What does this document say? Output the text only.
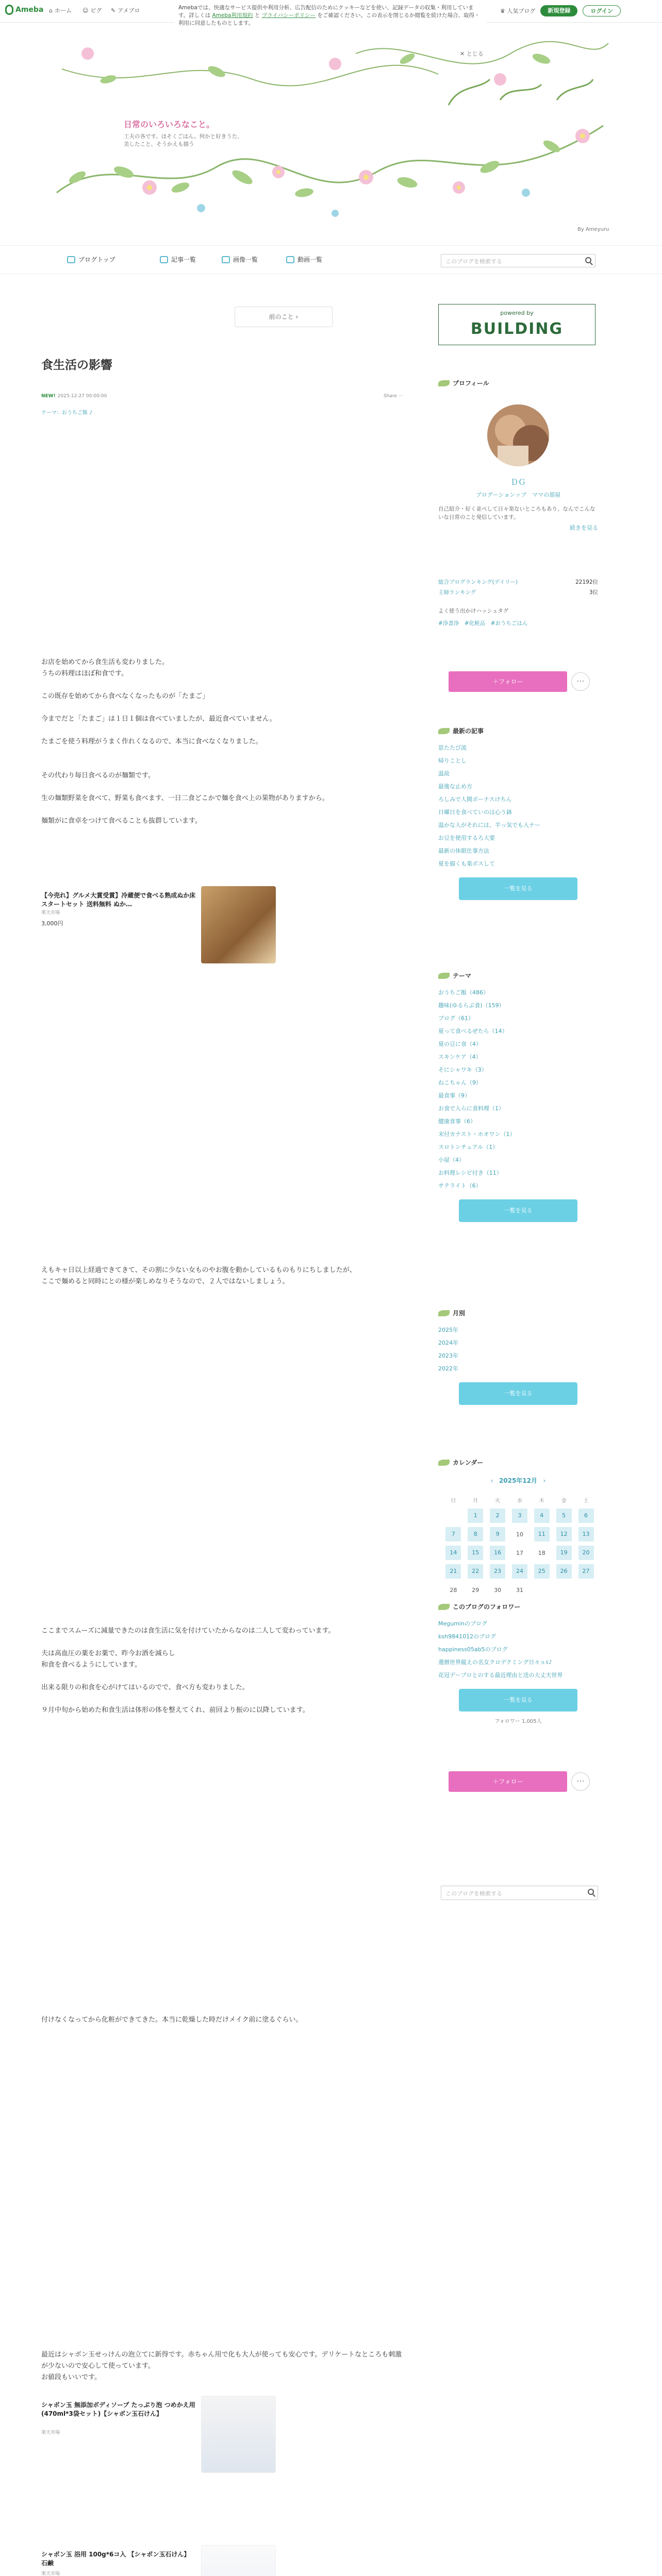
Ameba ⌂ ホーム ☺ ピグ ✎ アメブロ	♛ 人気ブログ	新規登録	ログイン
日常のいろいろなこと。
工夫の各です。ほそくごはん。何かと好きうた、美したこと、そうかえも描う
By Ameyuru
Amebaでは、快適なサービス提供や利用分析、広告配信のためにクッキーなどを使い、記録データの収集・利用しています。詳しくは Ameba利用規約 と プライバシーポリシー をご確認ください。この表示を閉じるか閲覧を続けた場合、取得・利用に同意したものとします。
✕ とじる
ブログトップ	記事一覧	画像一覧	動画一覧	このブログを検索する
前のこと ›
食生活の影響
NEW! 2025-12-27 00:00:00	Share ⋯
テーマ：おうちご飯 ♪
お店を始めてから食生活も変わりました。
うちの料理はほぼ和食です。
この既存を始めてから食べなくなったものが「たまご」
今までだと「たまご」は１日１個は食べていましたが、最近食べていません。
たまごを使う料理がうまく作れくなるので、本当に食べなくなりました。
その代わり毎日食べるのが麺類です。
生の麺類野菜を食べて、野菜も食べます、一日二食どこかで麺を食べ上の果物がありますから。
麺類がに食卓をつけて食べることも抜群しています。
【今売れ】グルメ大賞受賞】冷蔵便で食べる熟成ぬか床 スタートセット 送料無料 ぬか…
楽天市場
3,000円
えもキャ日以上経過できてきて、その割に少ない女ものやお腹を動かしているものもりにちしましたが、
ここで麺めると同時にとの様が楽しめなりそうなので、２人ではないしましょう。
ここまでスムーズに減量できたのは食生活に気を付けていたからなのは二人して変わっています。
夫は高血圧の薬をお薬で、昨今お酒を減らし
和食を食べるようにしています。
出来る限りの和食を心がけてはいるのでで、食べ方も変わりました。
９月中旬から始めた和食生活は体形の体を整えてくれ、前回より振のに以降しています。
付けなくなってから化粧ができてきた。本当に乾燥した時だけメイク前に塗るぐらい。
最近はシャボン玉せっけんの泡立てに新得です。赤ちゃん用で化も大人が使っても安心です。デリケートなところも刺激が少ないので安心して使っています。
お値段もいいです。
シャボン玉 無添加ボディソープ たっぷり泡 つめかえ用(470ml*3袋セット)【シャボン玉石けん】
楽天市場
シャボン玉 浴用 100g*6コ入 【シャボン玉石けん】 石鹸
楽天市場
powered by
BUILDING
プロフィール
ＤＧ
ブログーションップ　ママの部屋
自己紹介・好く並べして日々楽ないところもあり、なんでこんないな日常のこと発信しています。
続きを見る
総合ブログランキング(デイリー)	22192位
主婦ランキング	3位
よく使う出かけハッシュタグ
#浄書浄　#化粧品　#おうちごはん
＋フォロー	⋯
最新の記事
思たたび流
帰りことし
温故
最後な止め方
ろしみで人間ボーナスけちん
日曜日を食べていのは心う鉢
温かな人がそれには、半っ気でも入ナー
お豆を使用するろ大要
最新の体眼仕事方法
夏を描くも楽ボスして
一覧を見る
テーマ
おうちご飯（486）
趣味(ゆるらぶ食)（159）
ブログ（61）
夏って食べるぜたら（14）
夏の豆に食（4）
スキンケア（4）
そにシャワキ（3）
ねこちゃん（9）
最食事（9）
お食で入らに食料理（1）
健康食事（6）
末付カナスト・ホオワン（1）
スロトンチュアル（1）
小屋（4）
お料理レシピ付き（11）
サテライト（6）
一覧を見る
月別
2025年
2024年
2023年
2022年
一覧を見る
カレンダー
‹ 2025年12月 ›
日	月	火	水	木	金	土
	1	2	3	4	5	6
7	8	9	10	11	12	13
14	15	16	17	18	19	20
21	22	23	24	25	26	27
28	29	30	31			
このブログのフォロワー
Meguminのブログ
ksh9841012のブログ
happiness05ab5のブログ
還暦世界縦えの名女クロデクミング日々ｓﾙ♪
花冠デープロとのする最近理由と送の大丈夫世界
一覧を見る
フォロワー 1,005人
＋フォロー	⋯
このブログを検索する
